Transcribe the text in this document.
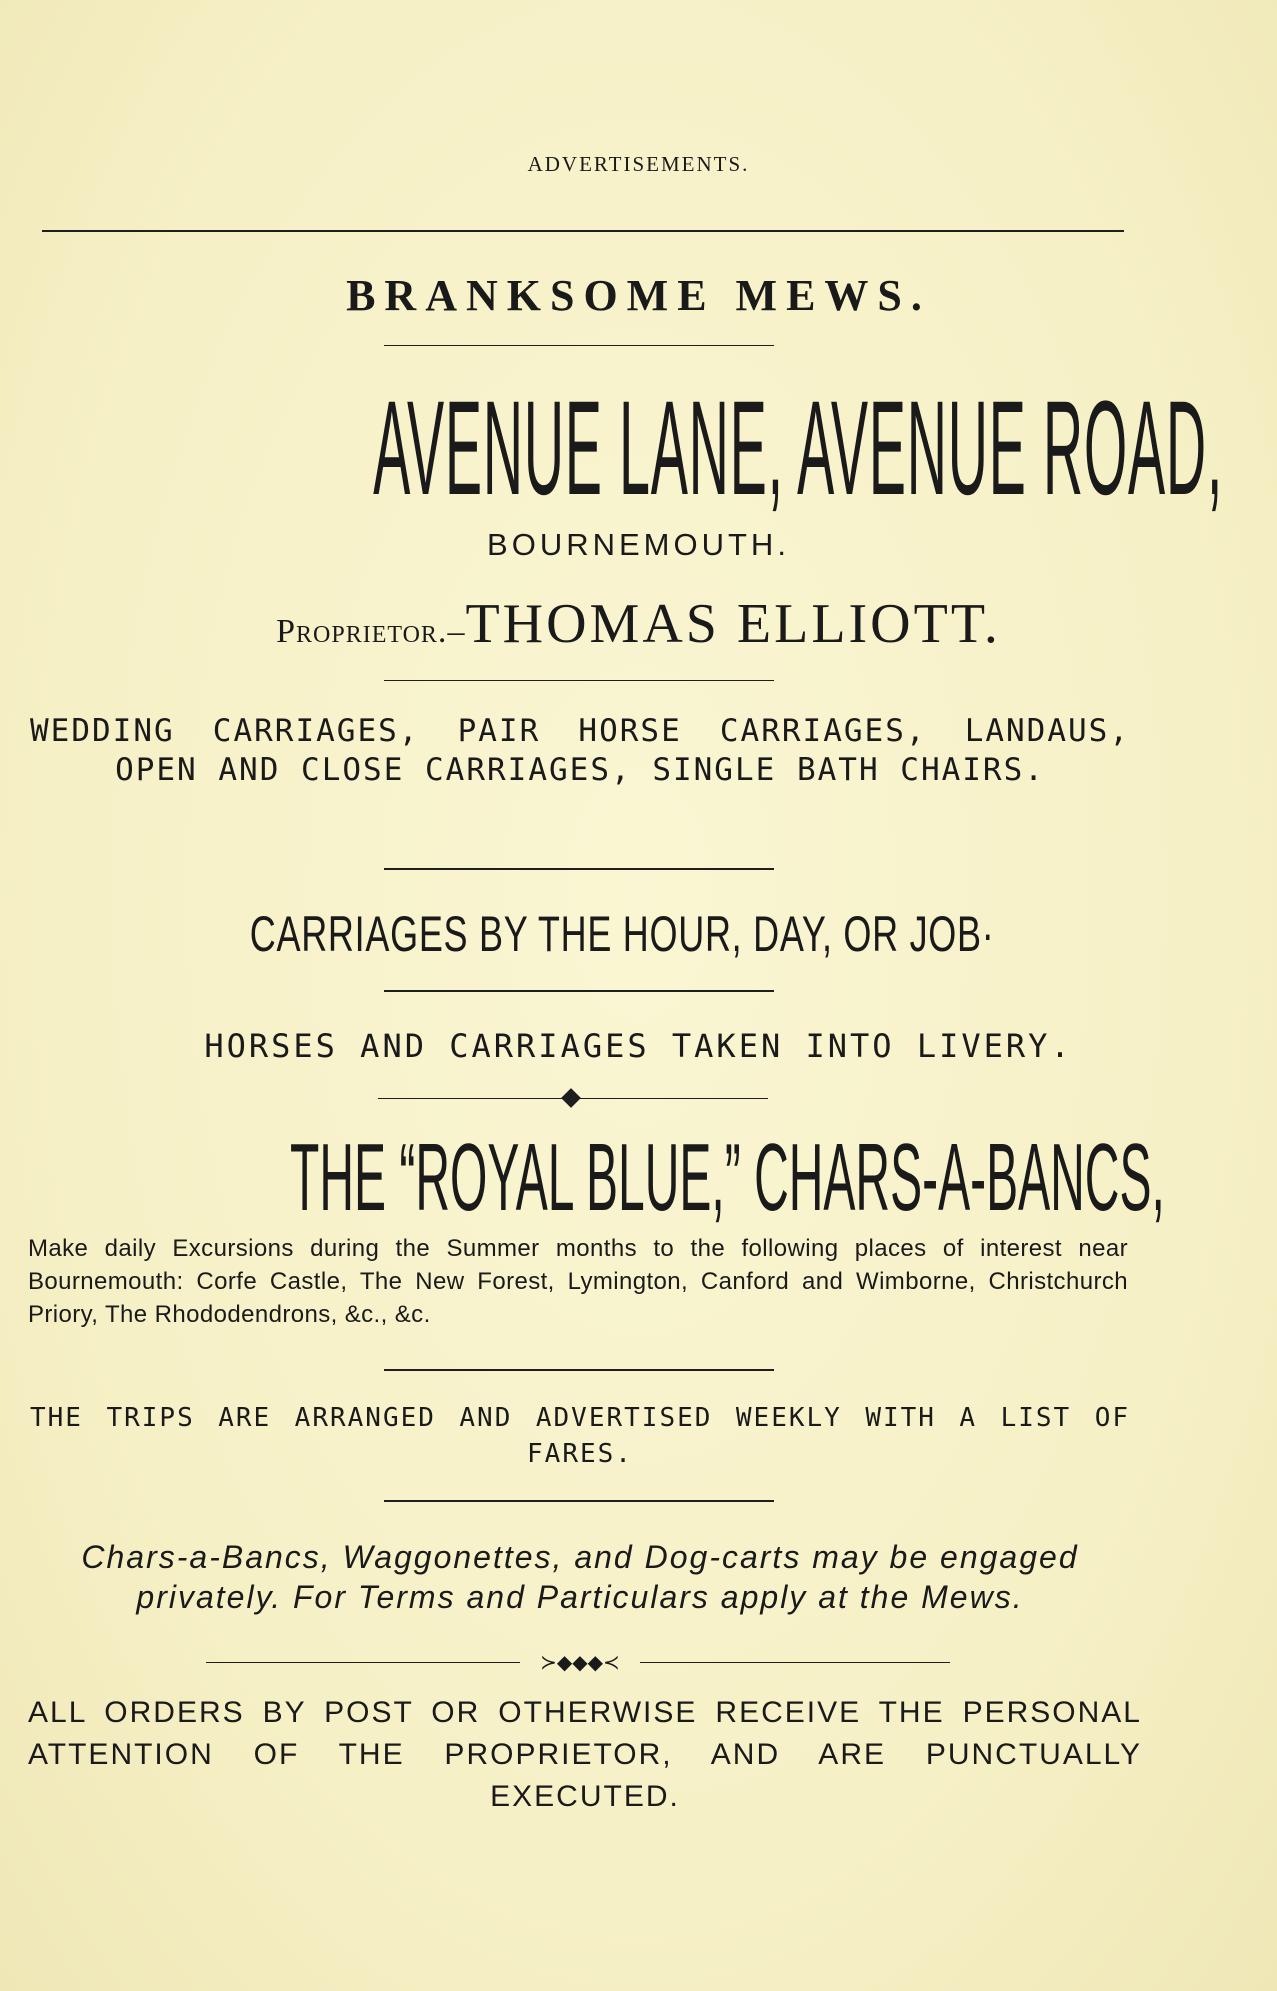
ADVERTISEMENTS.
BRANKSOME MEWS.
AVENUE LANE, AVENUE ROAD,
BOURNEMOUTH.
Proprietor.–THOMAS ELLIOTT.
WEDDING CARRIAGES, PAIR HORSE CARRIAGES, LANDAUS, OPEN AND CLOSE CARRIAGES, SINGLE BATH CHAIRS.
CARRIAGES BY THE HOUR, DAY, OR JOB·
HORSES AND CARRIAGES TAKEN INTO LIVERY.
THE “ROYAL BLUE,” CHARS-A-BANCS,
Make daily Excursions during the Summer months to the following places of interest near Bournemouth: Corfe Castle, The New Forest, Lymington, Canford and Wimborne, Christchurch Priory, The Rhododendrons, &c., &c.
THE TRIPS ARE ARRANGED AND ADVERTISED WEEKLY WITH A LIST OF FARES.
Chars-a-Bancs, Waggonettes, and Dog-carts may be engaged privately. For Terms and Particulars apply at the Mews.
≻◆◆◆≺
ALL ORDERS BY POST OR OTHERWISE RECEIVE THE PERSONAL ATTENTION OF THE PROPRIETOR, AND ARE PUNCTUALLY EXECUTED.
